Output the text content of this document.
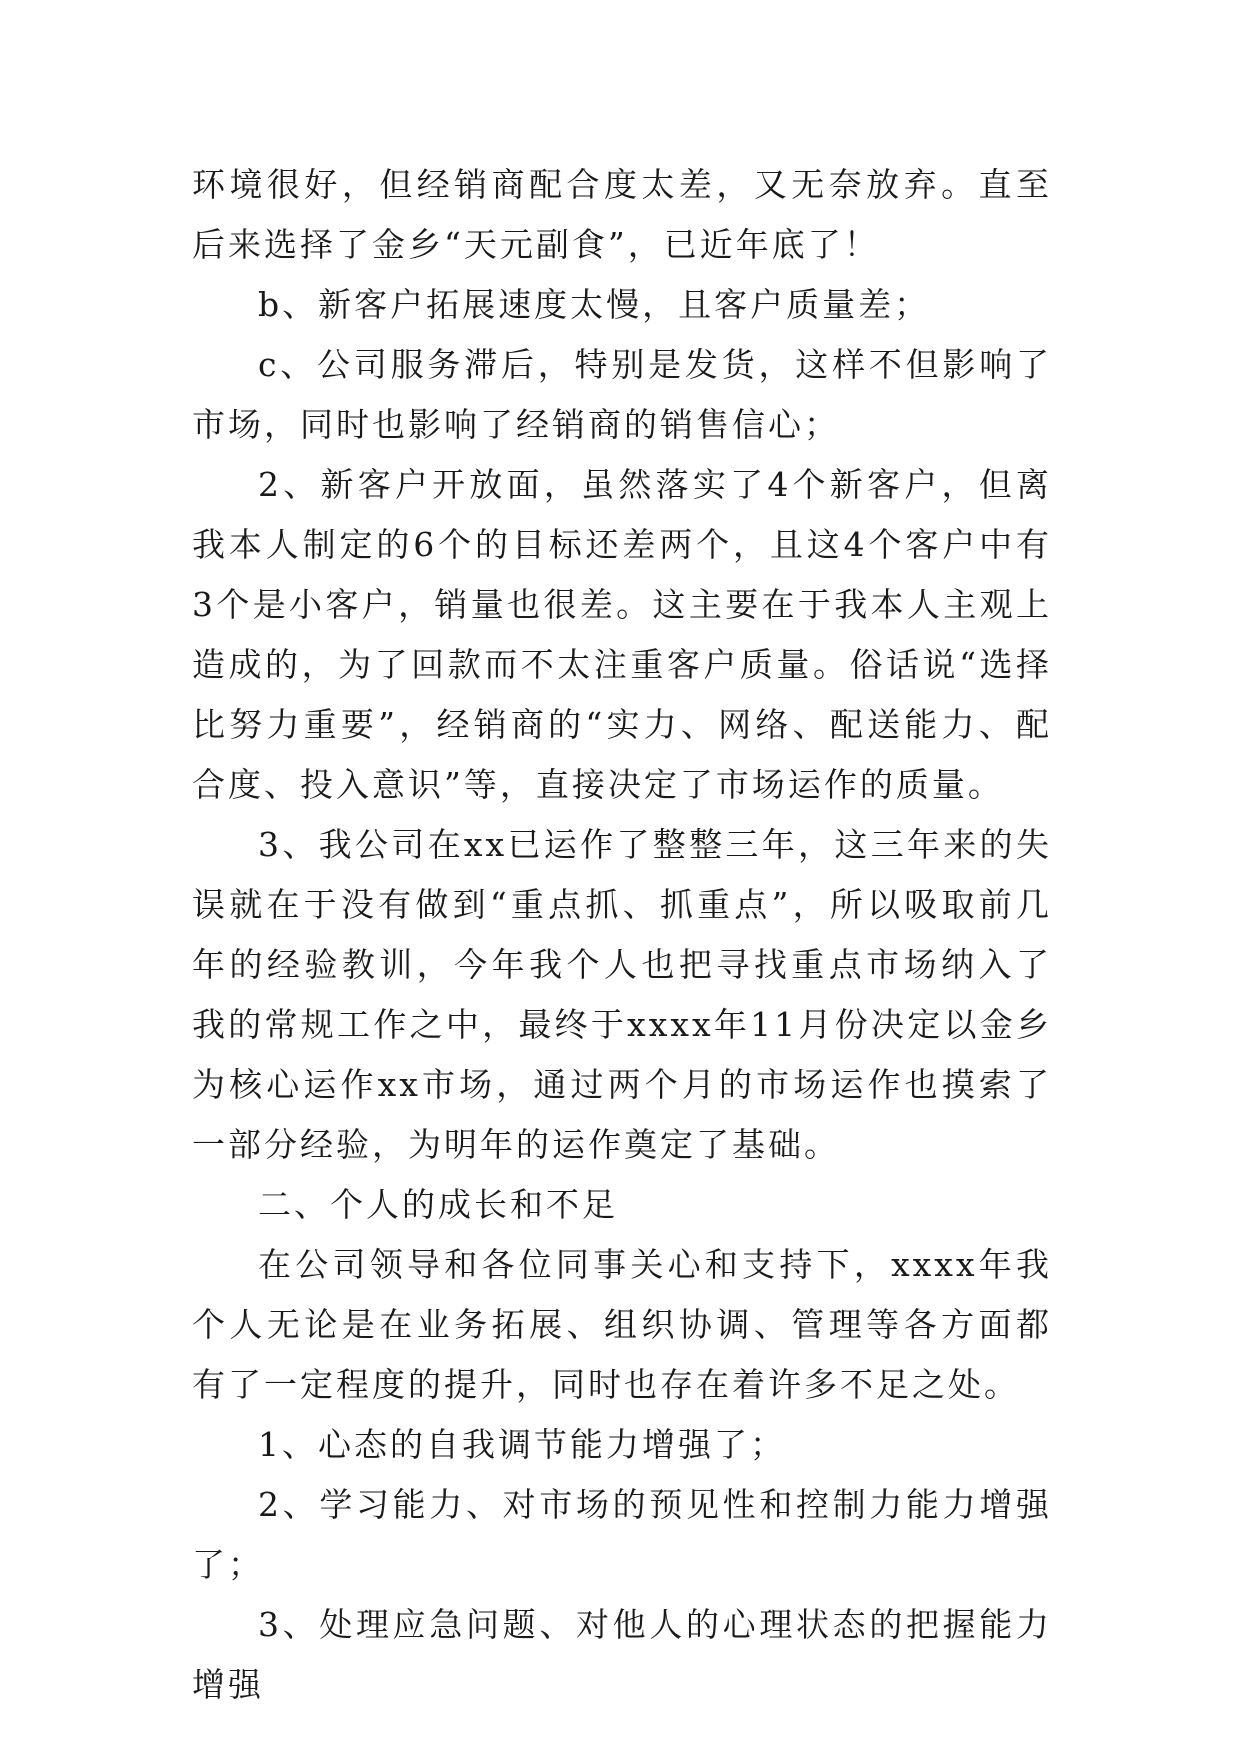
环境很好，但经销商配合度太差，又无奈放弃。直至后来选择了金乡“天元副食”，已近年底了！

b、新客户拓展速度太慢，且客户质量差；

c、公司服务滞后，特别是发货，这样不但影响了市场，同时也影响了经销商的销售信心；

2、新客户开放面，虽然落实了4个新客户，但离我本人制定的6个的目标还差两个，且这4个客户中有3个是小客户，销量也很差。这主要在于我本人主观上造成的，为了回款而不太注重客户质量。俗话说“选择比努力重要”，经销商的“实力、网络、配送能力、配合度、投入意识”等，直接决定了市场运作的质量。

3、我公司在xx已运作了整整三年，这三年来的失误就在于没有做到“重点抓、抓重点”，所以吸取前几年的经验教训，今年我个人也把寻找重点市场纳入了我的常规工作之中，最终于xxxx年11月份决定以金乡为核心运作xx市场，通过两个月的市场运作也摸索了一部分经验，为明年的运作奠定了基础。

二、个人的成长和不足

在公司领导和各位同事关心和支持下，xxxx年我个人无论是在业务拓展、组织协调、管理等各方面都有了一定程度的提升，同时也存在着许多不足之处。

1、心态的自我调节能力增强了；

2、学习能力、对市场的预见性和控制力能力增强了；

3、处理应急问题、对他人的心理状态的把握能力增强
